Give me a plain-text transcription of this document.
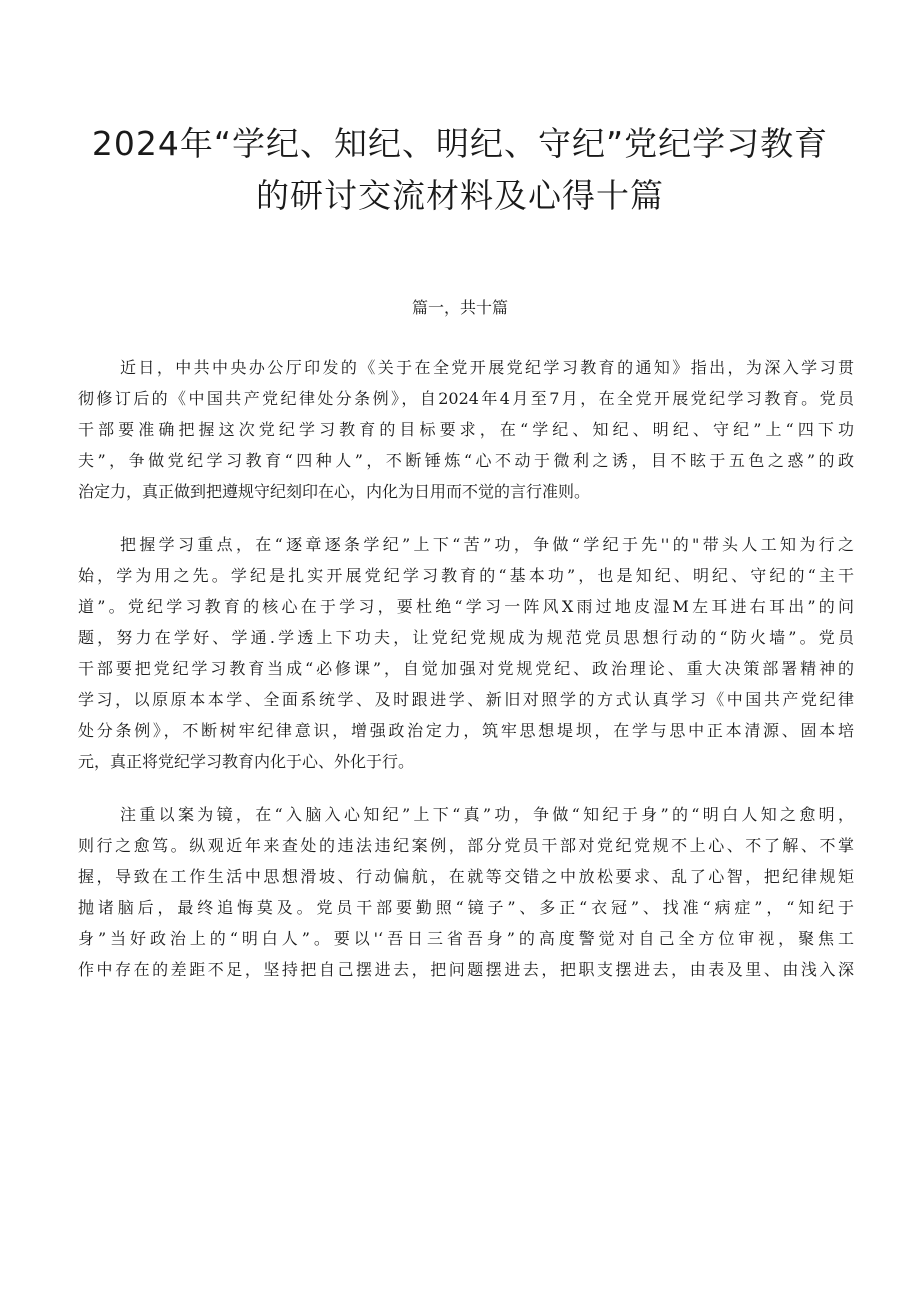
2024年“学纪、知纪、明纪、守纪”党纪学习教育
的研讨交流材料及心得十篇

篇一，共十篇

近日，中共中央办公厅印发的《关于在全党开展党纪学习教育的通知》指出，为深入学习贯
彻修订后的《中国共产党纪律处分条例》，自2024年4月至7月，在全党开展党纪学习教育。党员
干部要准确把握这次党纪学习教育的目标要求，在“学纪、知纪、明纪、守纪”上“四下功
夫”，争做党纪学习教育“四种人”，不断锤炼“心不动于微利之诱，目不眩于五色之惑”的政
治定力，真正做到把遵规守纪刻印在心，内化为日用而不觉的言行准则。

把握学习重点，在“逐章逐条学纪”上下“苦”功，争做“学纪于先''的"带头人工知为行之
始，学为用之先。学纪是扎实开展党纪学习教育的“基本功”，也是知纪、明纪、守纪的“主干
道”。党纪学习教育的核心在于学习，要杜绝“学习一阵风X雨过地皮湿M左耳进右耳出”的问
题，努力在学好、学通.学透上下功夫，让党纪党规成为规范党员思想行动的“防火墙”。党员
干部要把党纪学习教育当成“必修课”，自觉加强对党规党纪、政治理论、重大决策部署精神的
学习，以原原本本学、全面系统学、及时跟进学、新旧对照学的方式认真学习《中国共产党纪律
处分条例》，不断树牢纪律意识，增强政治定力，筑牢思想堤坝，在学与思中正本清源、固本培
元，真正将党纪学习教育内化于心、外化于行。

注重以案为镜，在“入脑入心知纪”上下“真”功，争做“知纪于身”的“明白人知之愈明，
则行之愈笃。纵观近年来查处的违法违纪案例，部分党员干部对党纪党规不上心、不了解、不掌
握，导致在工作生活中思想滑坡、行动偏航，在就等交错之中放松要求、乱了心智，把纪律规矩
抛诸脑后，最终追悔莫及。党员干部要勤照“镜子”、多正“衣冠”、找准“病症”，“知纪于
身”当好政治上的“明白人”。要以'‘吾日三省吾身”的高度警觉对自己全方位审视，聚焦工
作中存在的差距不足，坚持把自己摆进去，把问题摆进去，把职支摆进去，由表及里、由浅入深
